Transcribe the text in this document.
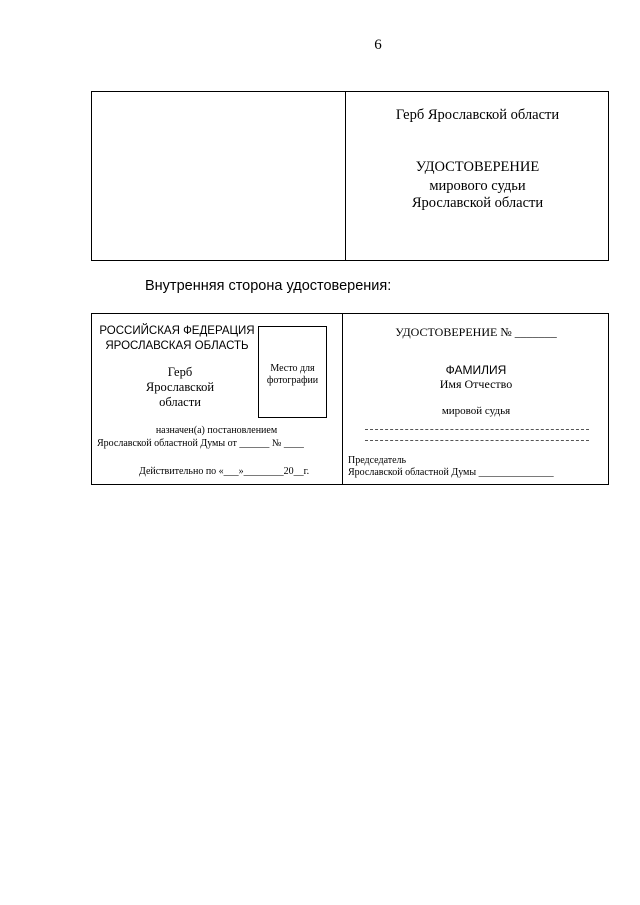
6
Герб Ярославской области
УДОСТОВЕРЕНИЕ
мирового судьи
Ярославской области
Внутренняя сторона удостоверения:
РОССИЙСКАЯ ФЕДЕРАЦИЯ
ЯРОСЛАВСКАЯ ОБЛАСТЬ
Герб
Ярославской
области
Место для
фотографии
назначен(а) постановлением
Ярославской областной Думы от ______ № ____
Действительно по «___»________20__г.
УДОСТОВЕРЕНИЕ № _______
ФАМИЛИЯ
Имя Отчество
мировой судья
Председатель
Ярославской областной Думы _______________
